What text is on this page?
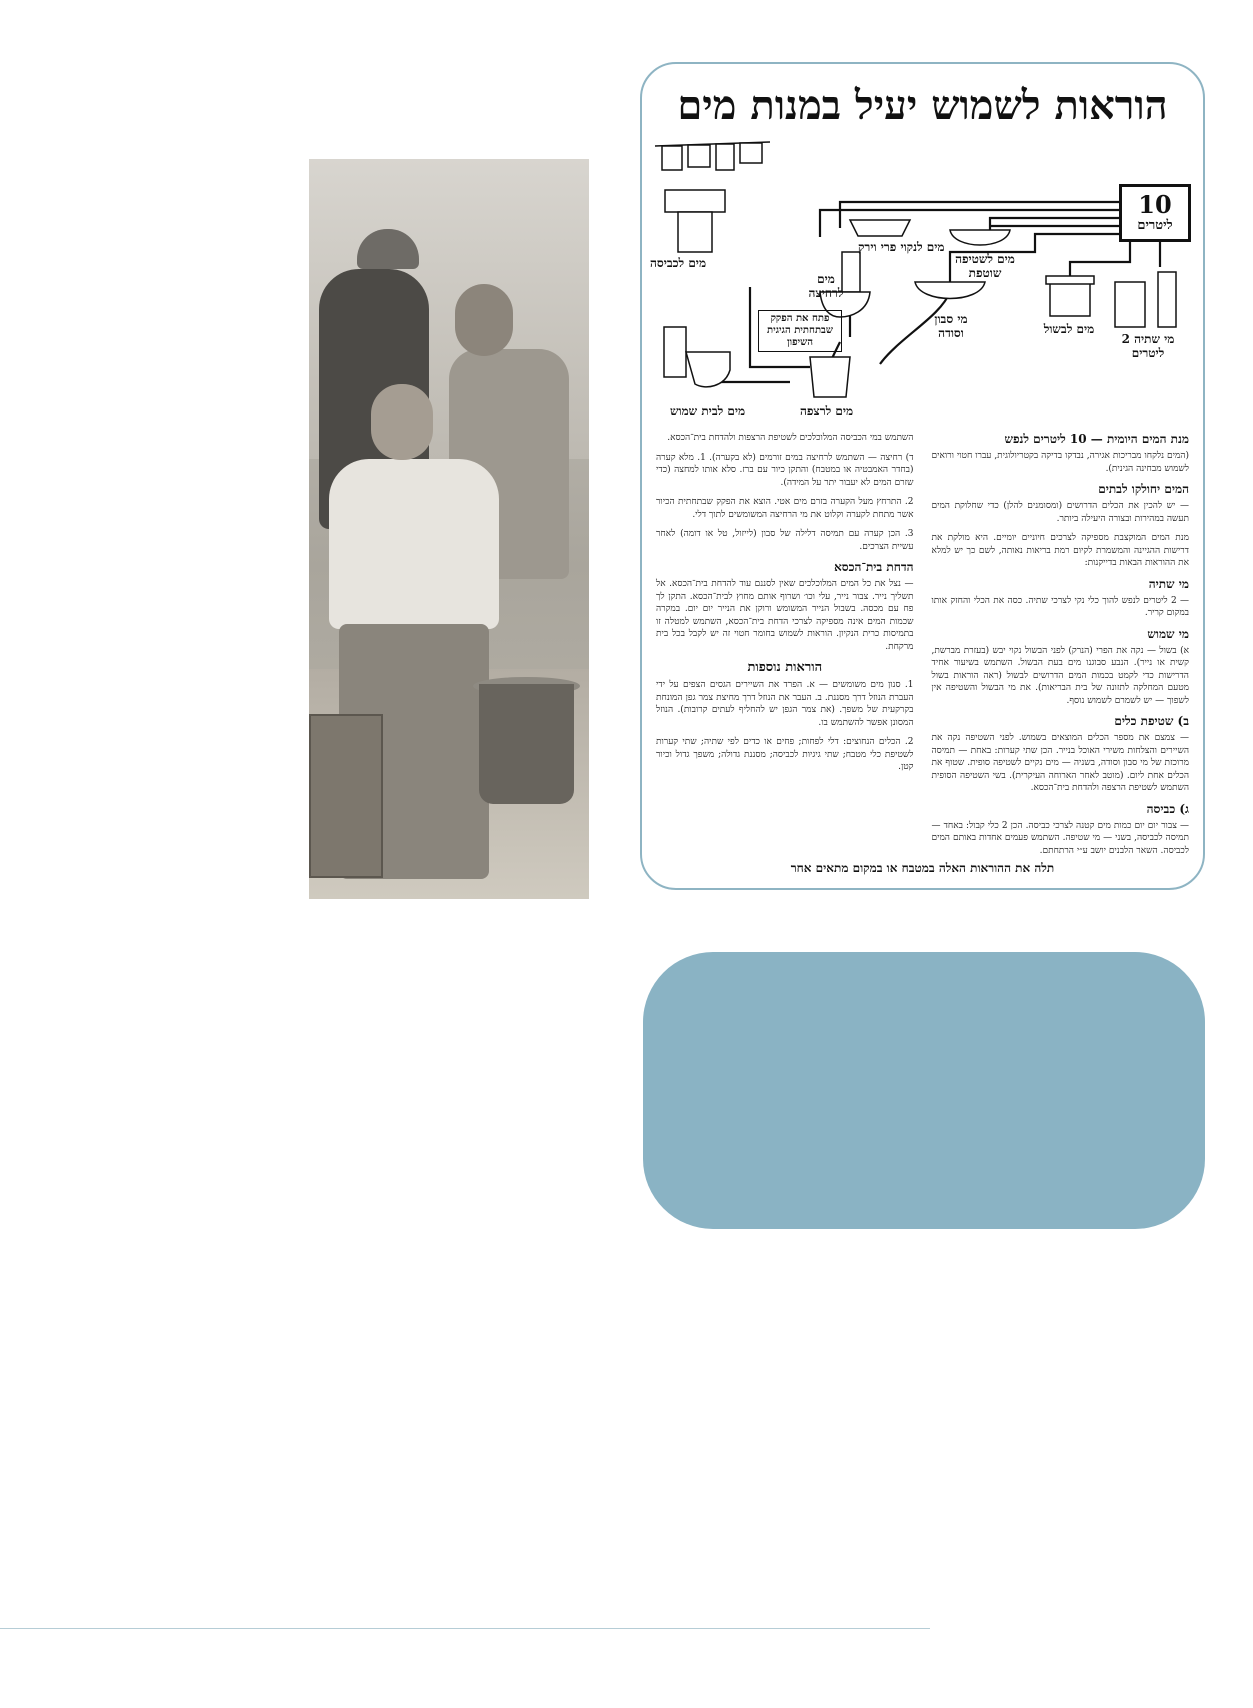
הוראות לשמוש יעיל במנות מים
10
ליטרים
מים לכביסה
מים לנקוי פרי וירק
מים לרחיצה
פתח את הפקק שבתחתית הגיגית השיפון
מים לשטיפה שוטפת
מי סבון וסודה	מים לבשול
מי שתיה 2 ליטרים
מים לרצפה
מים לבית שמוש
מנת המים היומית — 10 ליטרים לנפש

(המים נלקחו מבריכות אגירה, נבדקו בדיקה בקטריולוגית, עברו חטוי ורואים לשמוש מבחינה הגינית).

המים יחולקו לבתים

— יש להכין את הכלים הדרושים (ומסומנים להלן) כדי שחלוקת המים תעשה במהירות ובצורה היעילה ביותר.

מנת המים המוקצבת מספיקה לצרכים חיוניים יומיים. היא מולקת את דרישות ההגיינה והמשמרת לקיום רמת בריאות נאותה, לשם כך יש למלא את ההוראות הבאות בדייקנות:

מי שתיה

— 2 ליטרים לנפש להוך כלי נקי לצרכי שתיה. כסה את הכלי והחזק אותו במקום קריר.

מי שמוש

א) בשול — נקה את הפרי (הנרק) לפני הבשול נקוי יבש (בעזרת מברשת, קשית או נייר). הנבע סבוגנו מים בעת הבשול. השתמש בשיעור אחיד הדרישות כדי לקמט בכמות המים הדרושים לבשול (ראה הוראות בשול מטעם המחלקה לתזונה של בית הבריאות). את מי הבשול והשטיפה אין לשפוך — יש לשמרם לשמוש נוסף.

ב) שטיפת כלים

— צמצם את מספר הכלים המוצאים בשמוש. לפני השטיפה נקה את השיירים והצלחות משירי האוכל בנייר. הכן שתי קערות: באחת — תמיסה מרוכזת של מי סבון וסודה, בשניה — מים נקיים לשטיפה סופית. שטוף את הכלים אחת ליום. (מוטב לאחר הארוחה העיקרית). בשי השטיפה הסופית השתמש לשטיפת הרצפה ולהדחת בית־הכסא.

ג) כביסה

— צבור יום יום כמות מים קטנה לצרכי כביסה. הכן 2 כלי קבול: באחד — תמיסה לכביסה, בשני — מי שטיפה. השתמש פעמים אחדות באותם המים לכביסה. השאר הלבנים יושב ע״י הרתחתם.

השתמש במי הכביסה המלוכלכים לשטיפת הרצפות ולהדחת בית־הכסא.

ד) רחיצה — השתמש לרחיצה במים זורמים (לא בקערה). 1. מלא קערה (בחדר האמבטיה או במטבח) והתקן כיור עם ברז. סלא אותו למחצה (כדי שזרם המים לא יעבור יתר על המידה).

2. התרחץ מעל הקערה בזרם מים אטי. הוצא את הפקק שבתחתית הכיור אשר מתחת לקערה וקלוט את מי הרחיצה המשומשים לתוך דלי.

3. הכן קערה עם תמיסה דלילה של סבון (לייזול, טל או דומה) לאחר עשיית הצרכים.

הדחת בית־הכסא

— נצל את כל המים המלוכלכים שאין לסננם עוד להדחת בית־הכסא. אל תשליך נייר. צבור נייר, עלי וכו׳ ושרוף אותם מחוץ לבית־הכסא. התקן לך פח עם מכסה. בשבול הנייר המשומש ורוקן את הנייר יום יום. במקרה שכמות המים אינה מספיקה לצרכי הדחת בית־הכסא, השתמש למטלה זו בתמיסות כרית הנקיון. הוראות לשמוש בחומר חטוי זה יש לקבל בכל בית מרקחת.

הוראות נוספות

1. סנון מים משומשים — א. הפרד את השיירים הגסים הצפים על ידי העברת הנוזל דרך מסננת. ב. העבר את הנוזל דרך מחיצת צמר גפן המונחת בקרקעית של משפך. (את צמר הגפן יש להחליף לעתים קרובות). הנוזל המסונן אפשר להשתמש בו.

2. הכלים הנחוצים: דלי לפחות; פחים או כדים לפי שתיה; שתי קערות לשטיפת כלי מטבח; שתי גיגיות לכביסה; מסננת גדולה; משפך גדול וכיור קטן.

תלה את ההוראות האלה במטבח או במקום מתאים אחר
